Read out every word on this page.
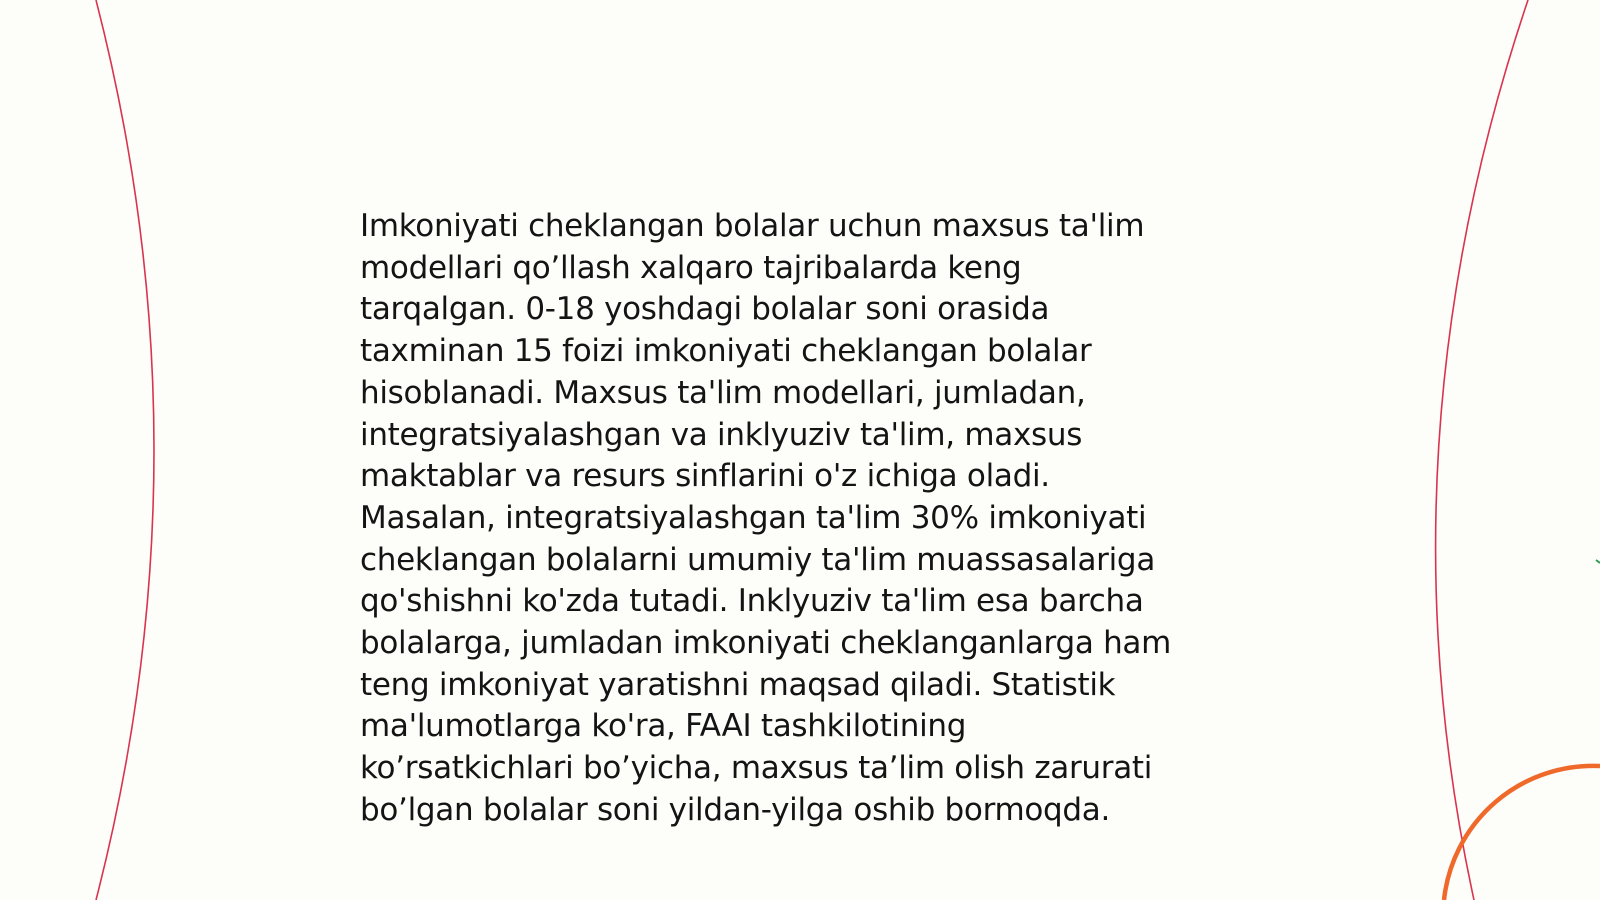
Imkoniyati cheklangan bolalar uchun maxsus ta'lim
modellari qo’llash xalqaro tajribalarda keng
tarqalgan. 0-18 yoshdagi bolalar soni orasida
taxminan 15 foizi imkoniyati cheklangan bolalar
hisoblanadi. Maxsus ta'lim modellari, jumladan,
integratsiyalashgan va inklyuziv ta'lim, maxsus
maktablar va resurs sinflarini o'z ichiga oladi.
Masalan, integratsiyalashgan ta'lim 30% imkoniyati
cheklangan bolalarni umumiy ta'lim muassasalariga
qo'shishni ko'zda tutadi. Inklyuziv ta'lim esa barcha
bolalarga, jumladan imkoniyati cheklanganlarga ham
teng imkoniyat yaratishni maqsad qiladi. Statistik
ma'lumotlarga ko'ra, FAAI tashkilotining
ko’rsatkichlari bo’yicha, maxsus ta’lim olish zarurati
bo’lgan bolalar soni yildan-yilga oshib bormoqda.
